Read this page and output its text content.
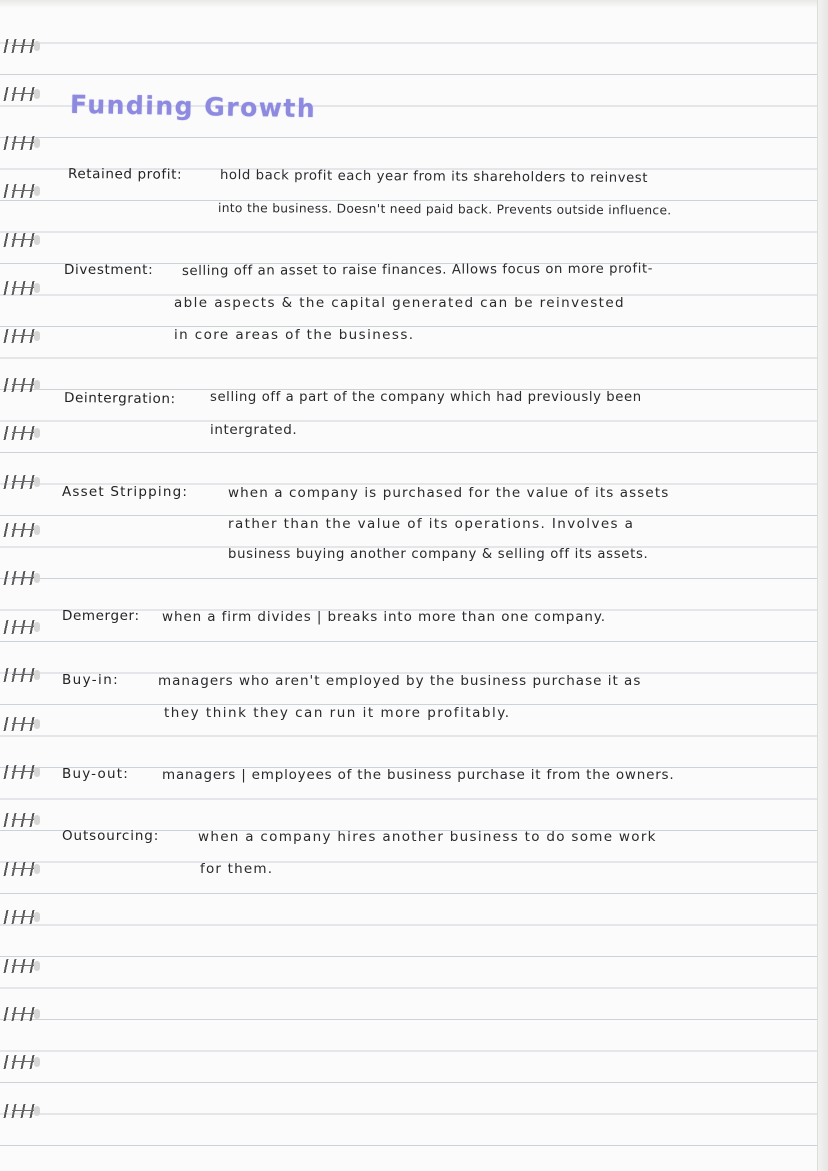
Funding Growth
Retained profit:	hold back profit each year from its shareholders to reinvest
into the business. Doesn't need paid back. Prevents outside influence.
Divestment: selling off an asset to raise finances. Allows focus on more profit-
able aspects & the capital generated can be reinvested
in core areas of the business.
Deintergration:	selling off a part of the company which had previously been
intergrated.
Asset Stripping:	when a company is purchased for the value of its assets
rather than the value of its operations. Involves a
business buying another company & selling off its assets.
Demerger: when a firm divides | breaks into more than one company.
Buy-in:	managers who aren't employed by the business purchase it as
they think they can run it more profitably.
Buy-out: managers | employees of the business purchase it from the owners.
Outsourcing:	when a company hires another business to do some work
for them.
